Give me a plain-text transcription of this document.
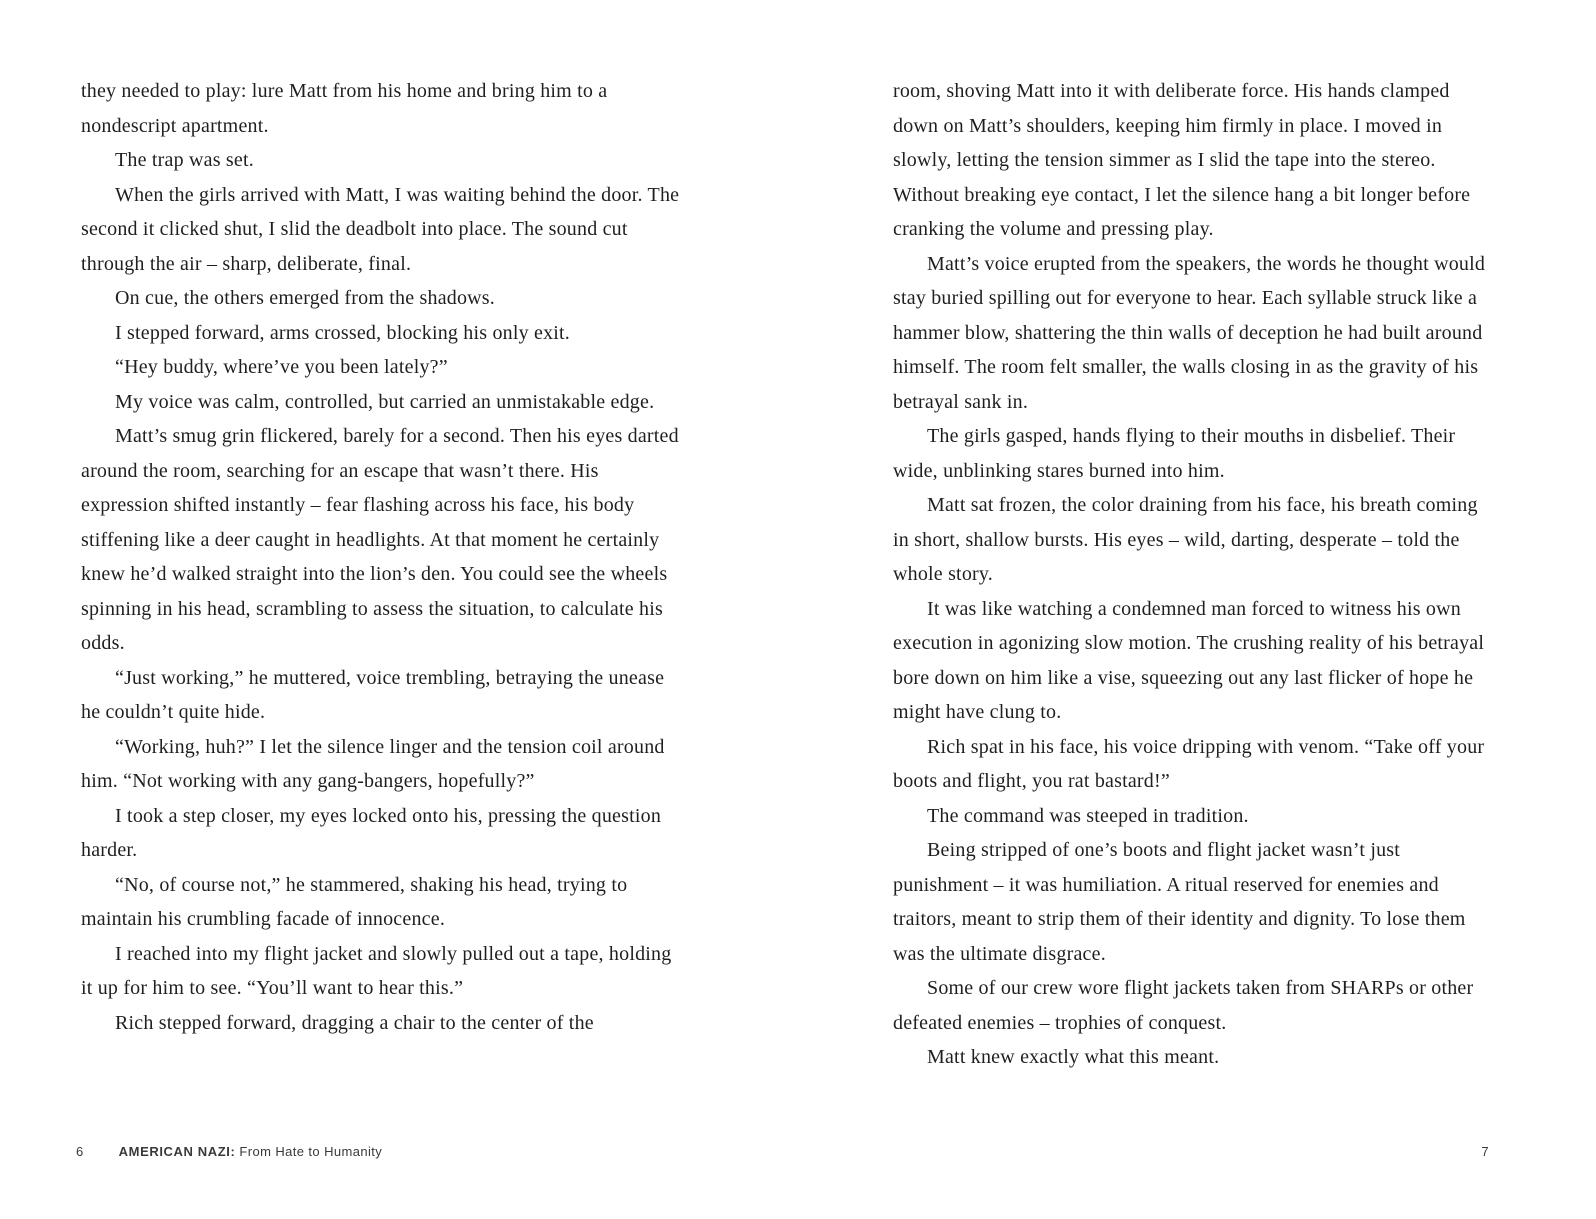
they needed to play: lure Matt from his home and bring him to a nondescript apartment.

The trap was set.

When the girls arrived with Matt, I was waiting behind the door. The second it clicked shut, I slid the deadbolt into place. The sound cut through the air – sharp, deliberate, final.

On cue, the others emerged from the shadows.

I stepped forward, arms crossed, blocking his only exit.

“Hey buddy, where’ve you been lately?”

My voice was calm, controlled, but carried an unmistakable edge.

Matt’s smug grin flickered, barely for a second. Then his eyes darted around the room, searching for an escape that wasn’t there. His expression shifted instantly – fear flashing across his face, his body stiffening like a deer caught in headlights. At that moment he certainly knew he’d walked straight into the lion’s den. You could see the wheels spinning in his head, scrambling to assess the situation, to calculate his odds.

“Just working,” he muttered, voice trembling, betraying the unease he couldn’t quite hide.

“Working, huh?” I let the silence linger and the tension coil around him. “Not working with any gang-bangers, hopefully?”

I took a step closer, my eyes locked onto his, pressing the question harder.

“No, of course not,” he stammered, shaking his head, trying to maintain his crumbling facade of innocence.

I reached into my flight jacket and slowly pulled out a tape, holding it up for him to see. “You’ll want to hear this.”

Rich stepped forward, dragging a chair to the center of the

room, shoving Matt into it with deliberate force. His hands clamped down on Matt’s shoulders, keeping him firmly in place. I moved in slowly, letting the tension simmer as I slid the tape into the stereo. Without breaking eye contact, I let the silence hang a bit longer before cranking the volume and pressing play.

Matt’s voice erupted from the speakers, the words he thought would stay buried spilling out for everyone to hear. Each syllable struck like a hammer blow, shattering the thin walls of deception he had built around himself. The room felt smaller, the walls closing in as the gravity of his betrayal sank in.

The girls gasped, hands flying to their mouths in disbelief. Their wide, unblinking stares burned into him.

Matt sat frozen, the color draining from his face, his breath coming in short, shallow bursts. His eyes – wild, darting, desperate – told the whole story.

It was like watching a condemned man forced to witness his own execution in agonizing slow motion. The crushing reality of his betrayal bore down on him like a vise, squeezing out any last flicker of hope he might have clung to.

Rich spat in his face, his voice dripping with venom. “Take off your boots and flight, you rat bastard!”

The command was steeped in tradition.

Being stripped of one’s boots and flight jacket wasn’t just punishment – it was humiliation. A ritual reserved for enemies and traitors, meant to strip them of their identity and dignity. To lose them was the ultimate disgrace.

Some of our crew wore flight jackets taken from SHARPs or other defeated enemies – trophies of conquest.

Matt knew exactly what this meant.

6	AMERICAN NAZI: From Hate to Humanity	7
